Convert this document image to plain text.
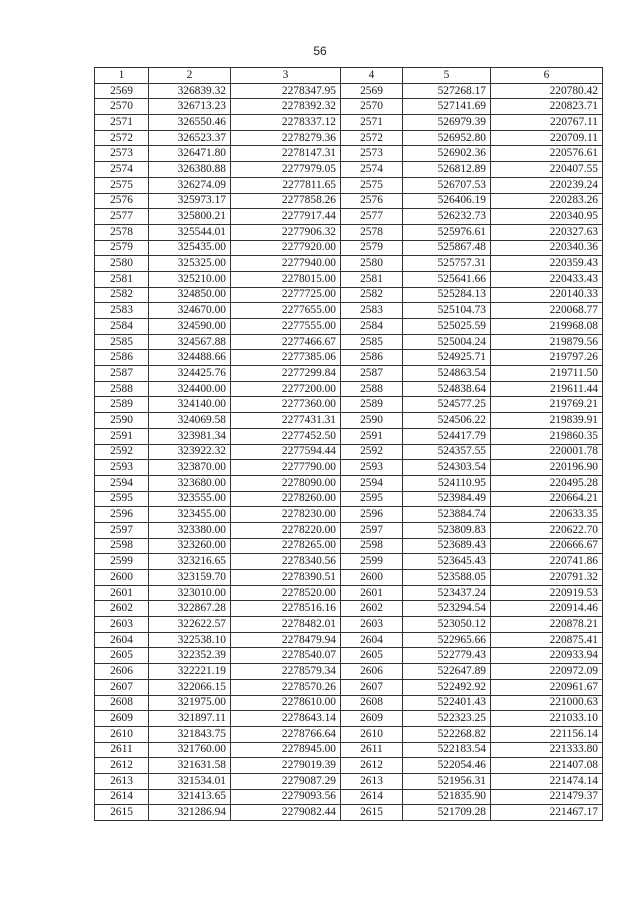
56
1	2	3	4	5	6
2569	326839.32	2278347.95	2569	527268.17	220780.42
2570	326713.23	2278392.32	2570	527141.69	220823.71
2571	326550.46	2278337.12	2571	526979.39	220767.11
2572	326523.37	2278279.36	2572	526952.80	220709.11
2573	326471.80	2278147.31	2573	526902.36	220576.61
2574	326380.88	2277979.05	2574	526812.89	220407.55
2575	326274.09	2277811.65	2575	526707.53	220239.24
2576	325973.17	2277858.26	2576	526406.19	220283.26
2577	325800.21	2277917.44	2577	526232.73	220340.95
2578	325544.01	2277906.32	2578	525976.61	220327.63
2579	325435.00	2277920.00	2579	525867.48	220340.36
2580	325325.00	2277940.00	2580	525757.31	220359.43
2581	325210.00	2278015.00	2581	525641.66	220433.43
2582	324850.00	2277725.00	2582	525284.13	220140.33
2583	324670.00	2277655.00	2583	525104.73	220068.77
2584	324590.00	2277555.00	2584	525025.59	219968.08
2585	324567.88	2277466.67	2585	525004.24	219879.56
2586	324488.66	2277385.06	2586	524925.71	219797.26
2587	324425.76	2277299.84	2587	524863.54	219711.50
2588	324400.00	2277200.00	2588	524838.64	219611.44
2589	324140.00	2277360.00	2589	524577.25	219769.21
2590	324069.58	2277431.31	2590	524506.22	219839.91
2591	323981.34	2277452.50	2591	524417.79	219860.35
2592	323922.32	2277594.44	2592	524357.55	220001.78
2593	323870.00	2277790.00	2593	524303.54	220196.90
2594	323680.00	2278090.00	2594	524110.95	220495.28
2595	323555.00	2278260.00	2595	523984.49	220664.21
2596	323455.00	2278230.00	2596	523884.74	220633.35
2597	323380.00	2278220.00	2597	523809.83	220622.70
2598	323260.00	2278265.00	2598	523689.43	220666.67
2599	323216.65	2278340.56	2599	523645.43	220741.86
2600	323159.70	2278390.51	2600	523588.05	220791.32
2601	323010.00	2278520.00	2601	523437.24	220919.53
2602	322867.28	2278516.16	2602	523294.54	220914.46
2603	322622.57	2278482.01	2603	523050.12	220878.21
2604	322538.10	2278479.94	2604	522965.66	220875.41
2605	322352.39	2278540.07	2605	522779.43	220933.94
2606	322221.19	2278579.34	2606	522647.89	220972.09
2607	322066.15	2278570.26	2607	522492.92	220961.67
2608	321975.00	2278610.00	2608	522401.43	221000.63
2609	321897.11	2278643.14	2609	522323.25	221033.10
2610	321843.75	2278766.64	2610	522268.82	221156.14
2611	321760.00	2278945.00	2611	522183.54	221333.80
2612	321631.58	2279019.39	2612	522054.46	221407.08
2613	321534.01	2279087.29	2613	521956.31	221474.14
2614	321413.65	2279093.56	2614	521835.90	221479.37
2615	321286.94	2279082.44	2615	521709.28	221467.17
